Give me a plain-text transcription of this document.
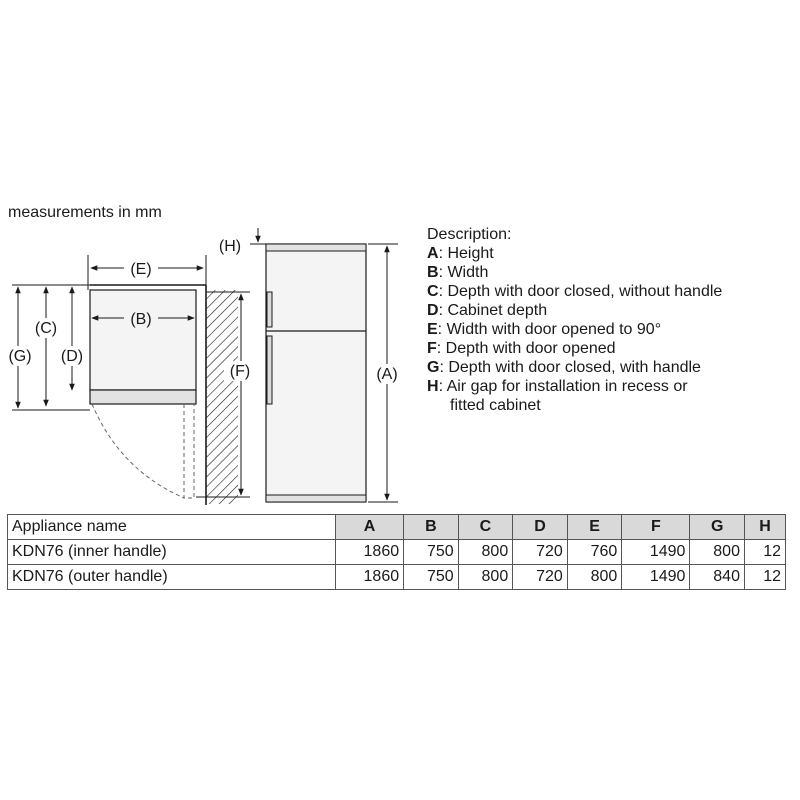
measurements in mm
(E)
(B)
(G)
(C)
(D)
(F)
(H)
(A)
Description:
A: Height
B: Width
C: Depth with door closed, without handle
D: Cabinet depth
E: Width with door opened to 90°
F: Depth with door opened
G: Depth with door closed, with handle
H: Air gap for installation in recess or
fitted cabinet
Appliance name	A	B	C	D	E	F	G	H
KDN76 (inner handle)	1860	750	800	720	760	1490	800	12
KDN76 (outer handle)	1860	750	800	720	800	1490	840	12
